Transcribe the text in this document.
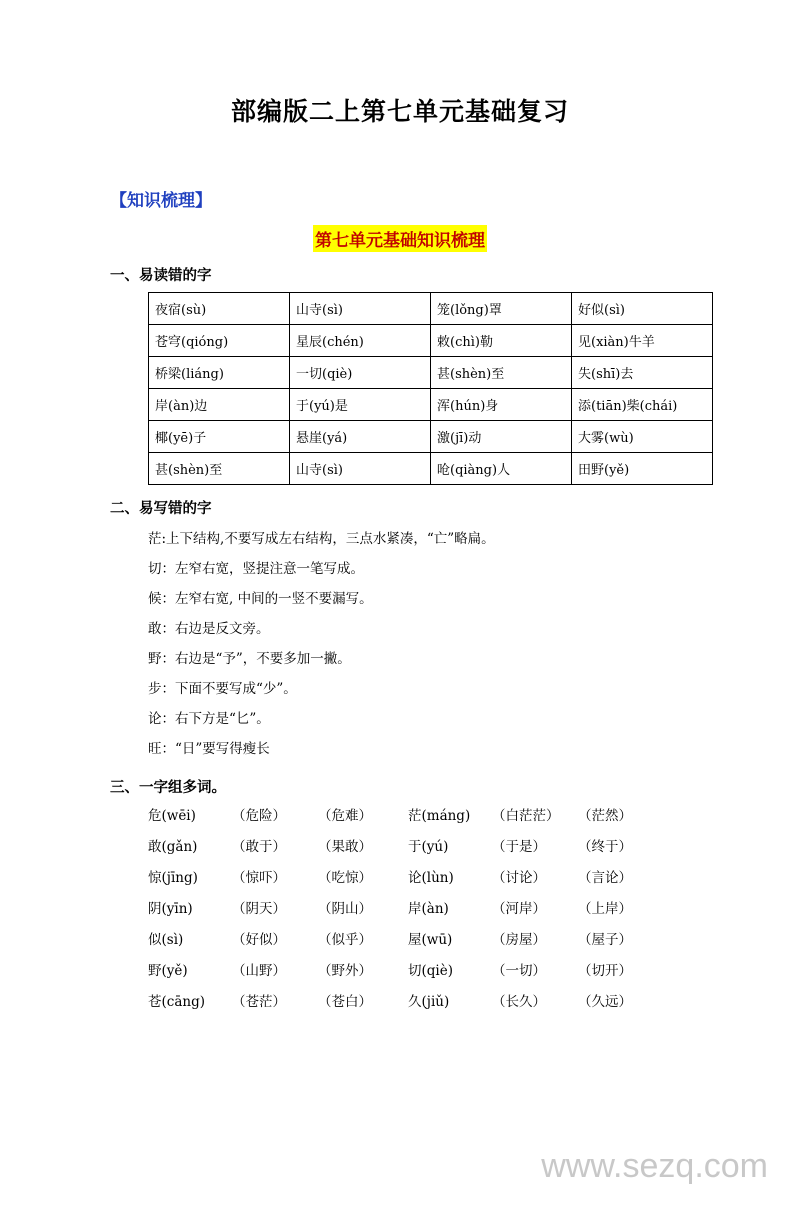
部编版二上第七单元基础复习
【知识梳理】
第七单元基础知识梳理
一、易读错的字
夜宿(sù)	山寺(sì)	笼(lǒng)罩	好似(sì)
苍穹(qióng)	星辰(chén)	敕(chì)勒	见(xiàn)牛羊
桥梁(liáng)	一切(qiè)	甚(shèn)至	失(shī)去
岸(àn)边	于(yú)是	浑(hún)身	添(tiān)柴(chái)
椰(yē)子	悬崖(yá)	激(jī)动	大雾(wù)
甚(shèn)至	山寺(sì)	呛(qiàng)人	田野(yě)
二、易写错的字
茫:上下结构,不要写成左右结构，三点水紧凑，“亡”略扁。
切：左窄右宽，竖提注意一笔写成。
候：左窄右宽, 中间的一竖不要漏写。
敢：右边是反文旁。
野：右边是“予”，不要多加一撇。
步：下面不要写成“少”。
论：右下方是“匕”。
旺：“日”要写得瘦长
三、一字组多词。
危(wēi)	（危险）	（危难）	茫(máng)	（白茫茫）	（茫然）
敢(gǎn)	（敢于）	（果敢）	于(yú)	（于是）	（终于）
惊(jīng)	（惊吓）	（吃惊）	论(lùn)	（讨论）	（言论）
阴(yīn)	（阴天）	（阴山）	岸(àn)	（河岸）	（上岸）
似(sì)	（好似）	（似乎）	屋(wū)	（房屋）	（屋子）
野(yě)	（山野）	（野外）	切(qiè)	（一切）	（切开）
苍(cāng)	（苍茫）	（苍白）	久(jiǔ)	（长久）	（久远）
www.sezq.com
